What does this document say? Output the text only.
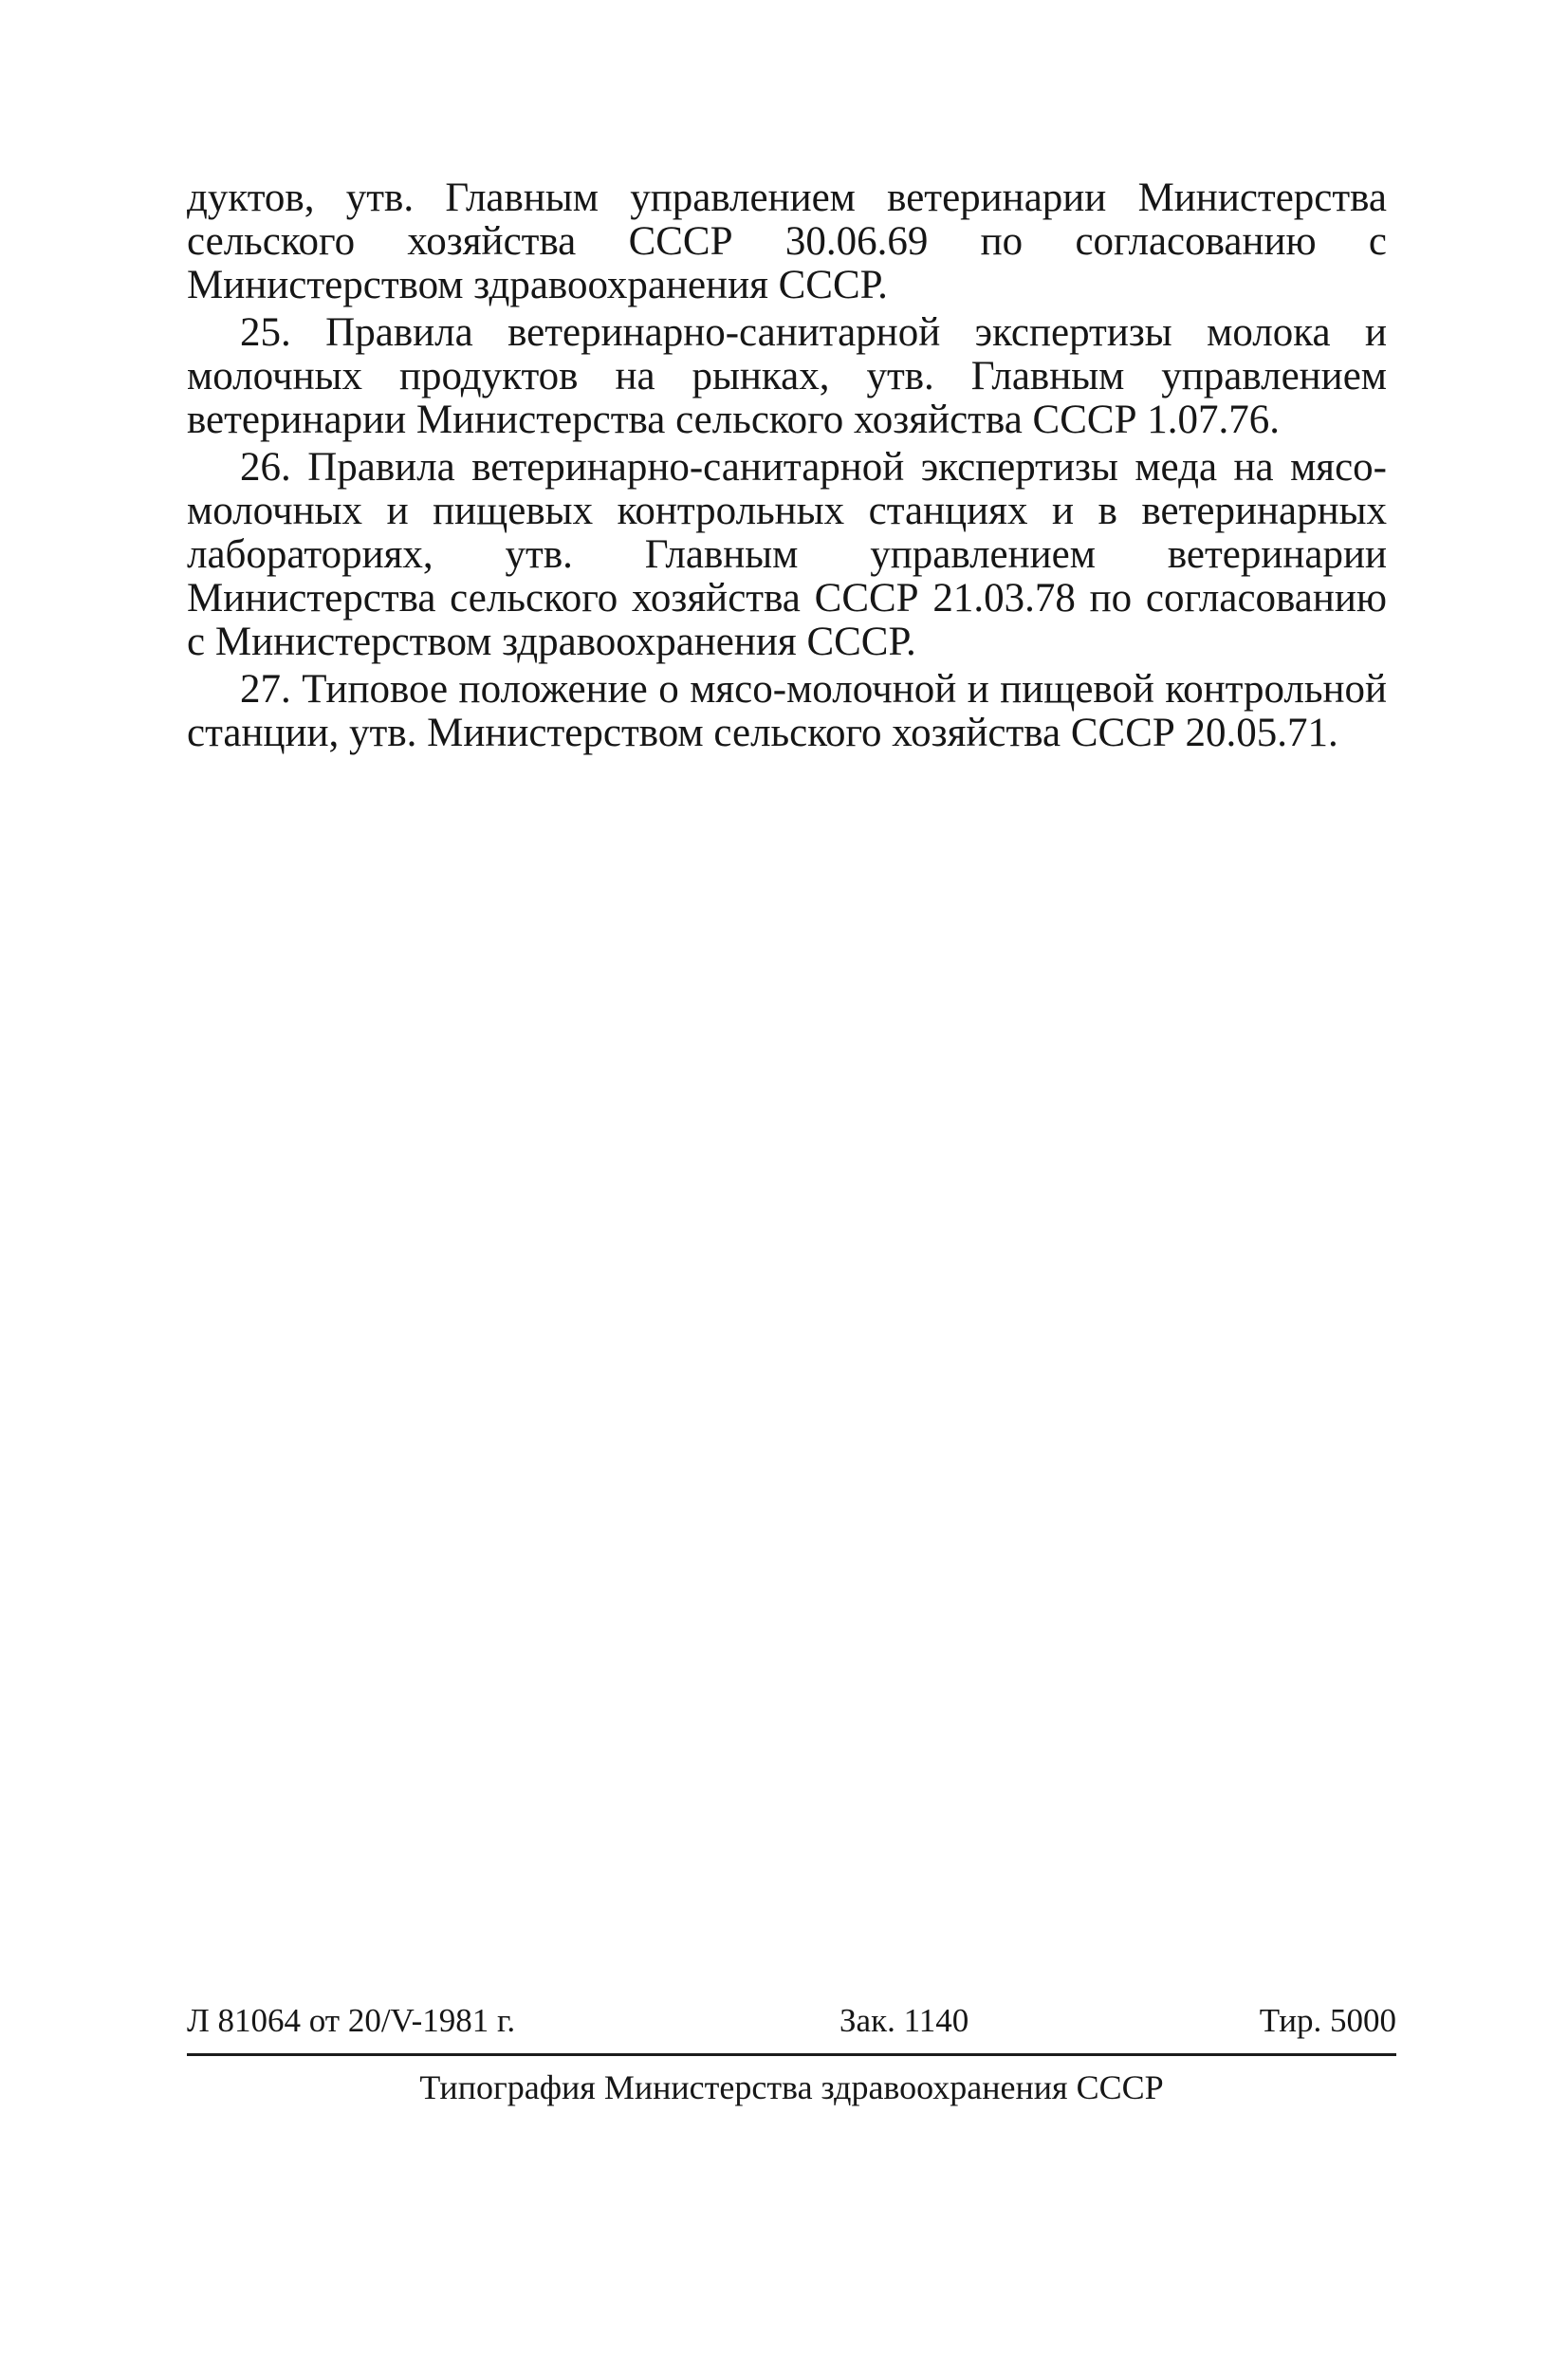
дуктов, утв. Главным управлением ветеринарии Министерства сельского хозяйства СССР 30.06.69 по согласованию с Министерством здравоохранения СССР.

25. Правила ветеринарно-санитарной экспертизы молока и молочных продуктов на рынках, утв. Главным управлением ветеринарии Министерства сельского хозяйства СССР 1.07.76.

26. Правила ветеринарно-санитарной экспертизы меда на мясо-молочных и пищевых контрольных станциях и в ветеринарных лабораториях, утв. Главным управлением ветеринарии Министерства сельского хозяйства СССР 21.03.78 по согласованию с Министерством здравоохранения СССР.

27. Типовое положение о мясо-молочной и пищевой контрольной станции, утв. Министерством сельского хозяйства СССР 20.05.71.

Л 81064 от 20/V-1981 г.	Зак. 1140	Тир. 5000
Типография Министерства здравоохранения СССР
